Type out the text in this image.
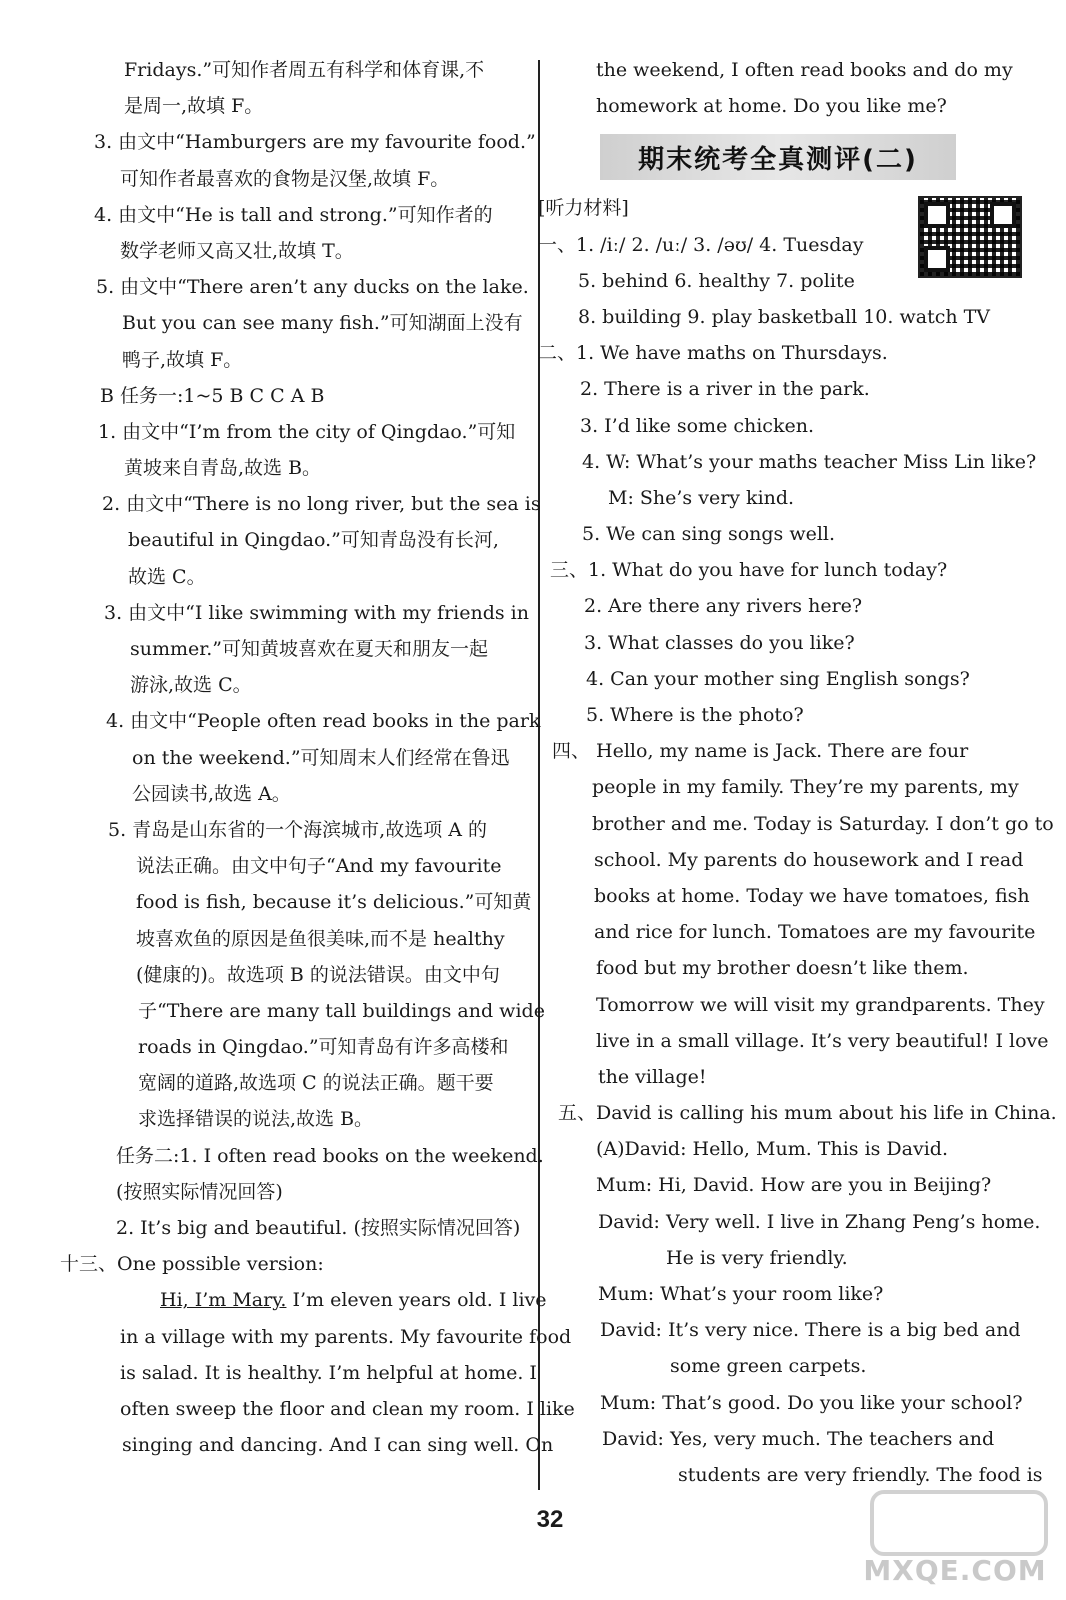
Fridays.”可知作者周五有科学和体育课,不
是周一,故填 F。
3. 由文中“Hamburgers are my favourite food.”
可知作者最喜欢的食物是汉堡,故填 F。
4. 由文中“He is tall and strong.”可知作者的
数学老师又高又壮,故填 T。
5. 由文中“There aren’t any ducks on the lake.
But you can see many fish.”可知湖面上没有
鸭子,故填 F。
B 任务一:1~5 B C C A B
1. 由文中“I’m from the city of Qingdao.”可知
黄坡来自青岛,故选 B。
2. 由文中“There is no long river, but the sea is
beautiful in Qingdao.”可知青岛没有长河,
故选 C。
3. 由文中“I like swimming with my friends in
summer.”可知黄坡喜欢在夏天和朋友一起
游泳,故选 C。
4. 由文中“People often read books in the park
on the weekend.”可知周末人们经常在鲁迅
公园读书,故选 A。
5. 青岛是山东省的一个海滨城市,故选项 A 的
说法正确。由文中句子“And my favourite
food is fish, because it’s delicious.”可知黄
坡喜欢鱼的原因是鱼很美味,而不是 healthy
(健康的)。故选项 B 的说法错误。由文中句
子“There are many tall buildings and wide
roads in Qingdao.”可知青岛有许多高楼和
宽阔的道路,故选项 C 的说法正确。题干要
求选择错误的说法,故选 B。
任务二:1. I often read books on the weekend.
(按照实际情况回答)
2. It’s big and beautiful. (按照实际情况回答)
十三、One possible version:
Hi, I’m Mary. I’m eleven years old. I live
in a village with my parents. My favourite food
is salad. It is healthy. I’m helpful at home. I
often sweep the floor and clean my room. I like
singing and dancing. And I can sing well. On
the weekend, I often read books and do my
homework at home. Do you like me?
期末统考全真测评(二)
[听力材料]
一、1. /iː/ 2. /uː/ 3. /əʊ/ 4. Tuesday
5. behind 6. healthy 7. polite
8. building 9. play basketball 10. watch TV
二、1. We have maths on Thursdays.
2. There is a river in the park.
3. I’d like some chicken.
4. W: What’s your maths teacher Miss Lin like?
M: She’s very kind.
5. We can sing songs well.
三、1. What do you have for lunch today?
2. Are there any rivers here?
3. What classes do you like?
4. Can your mother sing English songs?
5. Where is the photo?
四、 Hello, my name is Jack. There are four
people in my family. They’re my parents, my
brother and me. Today is Saturday. I don’t go to
school. My parents do housework and I read
books at home. Today we have tomatoes, fish
and rice for lunch. Tomatoes are my favourite
food but my brother doesn’t like them.
Tomorrow we will visit my grandparents. They
live in a small village. It’s very beautiful! I love
the village!
五、David is calling his mum about his life in China.
(A)David: Hello, Mum. This is David.
Mum: Hi, David. How are you in Beijing?
David: Very well. I live in Zhang Peng’s home.
He is very friendly.
Mum: What’s your room like?
David: It’s very nice. There is a big bed and
some green carpets.
Mum: That’s good. Do you like your school?
David: Yes, very much. The teachers and
students are very friendly. The food is
32
MXQE.COM
